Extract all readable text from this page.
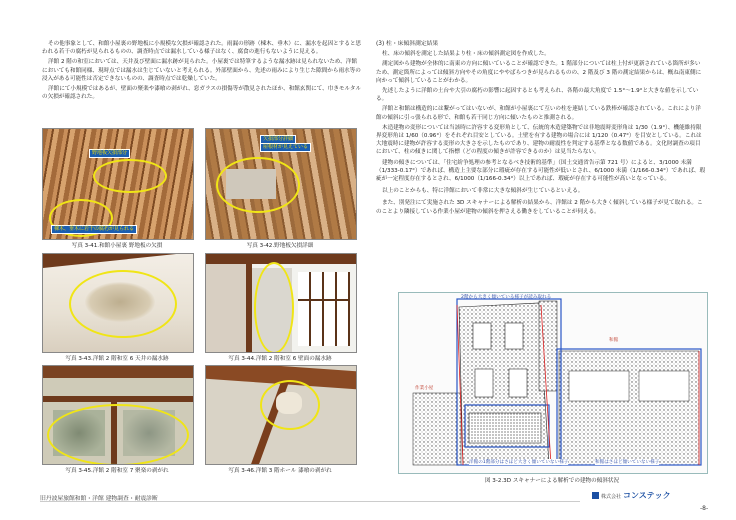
その他事象として、和館小屋裏の野地板に小規模な欠損が確認された。雨漏の形跡（棟木、垂木）に、漏水を起因とすると思われる若干の腐朽が見られるものの、調査時点では漏水している様子はなく、腐食の進行もないように見える。

洋館 2 階の和室においては、天井及び壁面に漏水跡が見られた。小屋裏では特筆するような漏水跡は見られないため、洋館においても和館同様、現時点では漏水は生じていないと考えられる。外部壁面から、先述の雨みにより生じた隙間から雨水等の浸入がある可能性は否定できないものの、調査時点では乾燥していた。

洋館にて小規模ではあるが、壁面の聚楽や漆喰の剥がれ、窓ガラスの損傷等が散見されたほか、和館玄関にて、巾きモルタルの欠損が確認された。

野地板欠損部分
棟木、垂木に若干の腐朽が見られる
写真 3-41.和館小屋裏 野地板の欠損
欠損部分詳細
屋根材が見えている
写真 3-42.野地板欠損詳細
写真 3-43.洋館 2 階和室 6 天井の漏水跡	写真 3-44.洋館 2 階和室 6 壁面の漏水跡
写真 3-45.洋館 2 階和室 7 聚楽の剥がれ	写真 3-46.洋館 3 階ホール 漆喰の剥がれ
(3) 柱・床傾斜測定結果

柱、床の傾斜を測定した結果より柱・床の傾斜測定図を作成した。

測定図から建物が全体的に南東の方向に傾いていることが確認できた。1 階部分については柱上付が更新されている箇所が多いため、測定箇所によっては傾斜方向やその角度にややばらつきが見られるものの、2 階及び 3 階の測定結果からは、概ね南東側に向かって傾斜していることがわかる。

先述したように洋館の土台や大引の腐朽の影響に起因するとも考えられ、各階の最大角度で 1.5°～1.9°と大きな値を示している。

洋館と和館は構造的には繋がってはいないが、和館が小屋裏にて互いの柱を連結している鉄棒が確認されている。これにより洋館の傾斜に引っ張られる形で、和館も若干同じ方向に傾いたものと推測される。

木造建物の変形については当該時に許容する変形角として、伝統的木造建築物では非地震時変形角は 1/30（1.9°）、機能維持限界変形角は 1/60（0.96°）をそれぞれ目安としている。土壁を有する建物の場合には 1/120（0.47°）を目安としている。これは大地震時に建物が許容する変形の大きさを示したものであり、建物の耐震性を判定する基準となる数値である。文化財調査の項目において、柱の傾きに関して指標（どの程度の傾きが許容できるのか）は見当たらない。

建物の傾きについては、「住宅紛争処理の参考となるべき技術的基準」（国土交通省告示第 721 号）によると、3/1000 未満（1/333-0.17°）であれば、構造上主要な部分に瑕疵が存在する可能性が低いとされ、6/1000 未満（1/166-0.34°）であれば、瑕疵が一定程度存在するとされ、6/1000（1/166-0.34°）以上であれば、瑕疵が存在する可能性が高いとなっている。

以上のことからも、特に洋館において非常に大きな傾斜が生じているといえる。

また、別発注にて実施された 3D スキャナーによる解析の結果から、洋館は 2 階から大きく傾斜している様子が見て取れる。このことより隣接している作業小屋が建物の傾斜を押さえる働きをしていることが伺える。

2階から大きく傾いている様子が読み取れる
和館
作業小屋
洋館の1階部分はさほど大きく傾いていない様子	和館はさほど傾いていない様子
図 3-2.3D スキャナーによる解析での建物の傾斜状況
旧丹波屋旅館和館・洋館 建物調査・耐震診断	株式会社 コンステック
-8-
